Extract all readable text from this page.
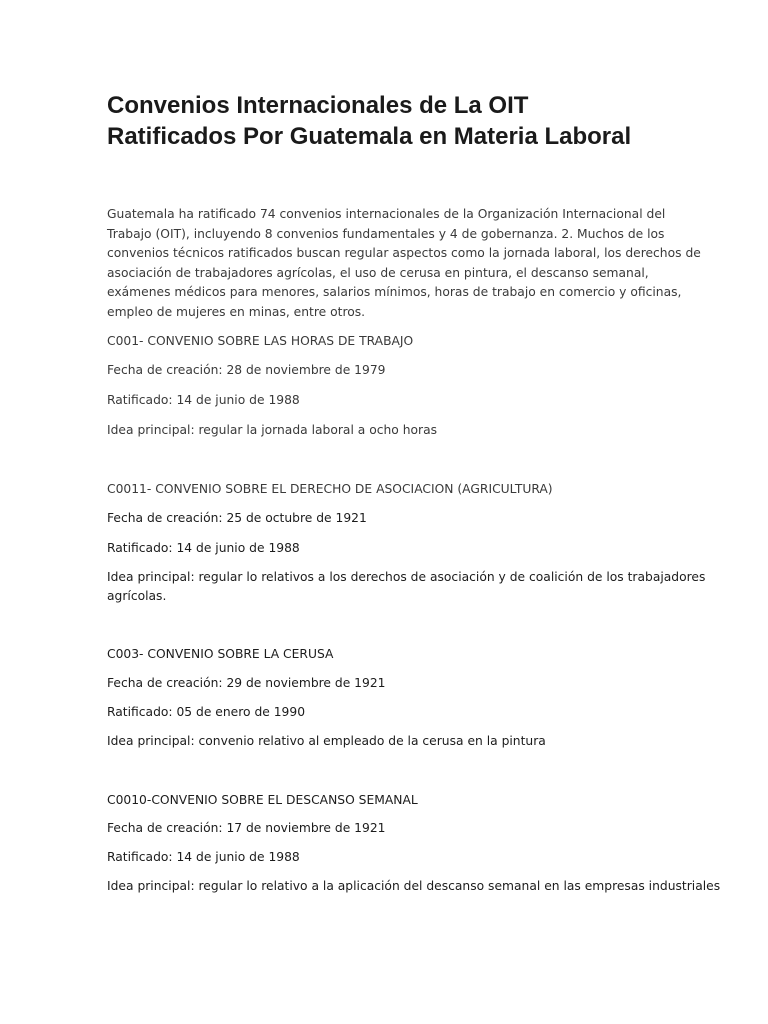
Convenios Internacionales de La OIT
Ratificados Por Guatemala en Materia Laboral

Guatemala ha ratificado 74 convenios internacionales de la Organización Internacional del
Trabajo (OIT), incluyendo 8 convenios fundamentales y 4 de gobernanza. 2. Muchos de los
convenios técnicos ratificados buscan regular aspectos como la jornada laboral, los derechos de
asociación de trabajadores agrícolas, el uso de cerusa en pintura, el descanso semanal,
exámenes médicos para menores, salarios mínimos, horas de trabajo en comercio y oficinas,
empleo de mujeres en minas, entre otros.

C001- CONVENIO SOBRE LAS HORAS DE TRABAJO

Fecha de creación: 28 de noviembre de 1979

Ratificado: 14 de junio de 1988

Idea principal: regular la jornada laboral a ocho horas

C0011- CONVENIO SOBRE EL DERECHO DE ASOCIACION (AGRICULTURA)

Fecha de creación: 25 de octubre de 1921

Ratificado: 14 de junio de 1988

Idea principal: regular lo relativos a los derechos de asociación y de coalición de los trabajadores
agrícolas.

C003- CONVENIO SOBRE LA CERUSA

Fecha de creación: 29 de noviembre de 1921

Ratificado: 05 de enero de 1990

Idea principal: convenio relativo al empleado de la cerusa en la pintura

C0010-CONVENIO SOBRE EL DESCANSO SEMANAL

Fecha de creación: 17 de noviembre de 1921

Ratificado: 14 de junio de 1988

Idea principal: regular lo relativo a la aplicación del descanso semanal en las empresas industriales
